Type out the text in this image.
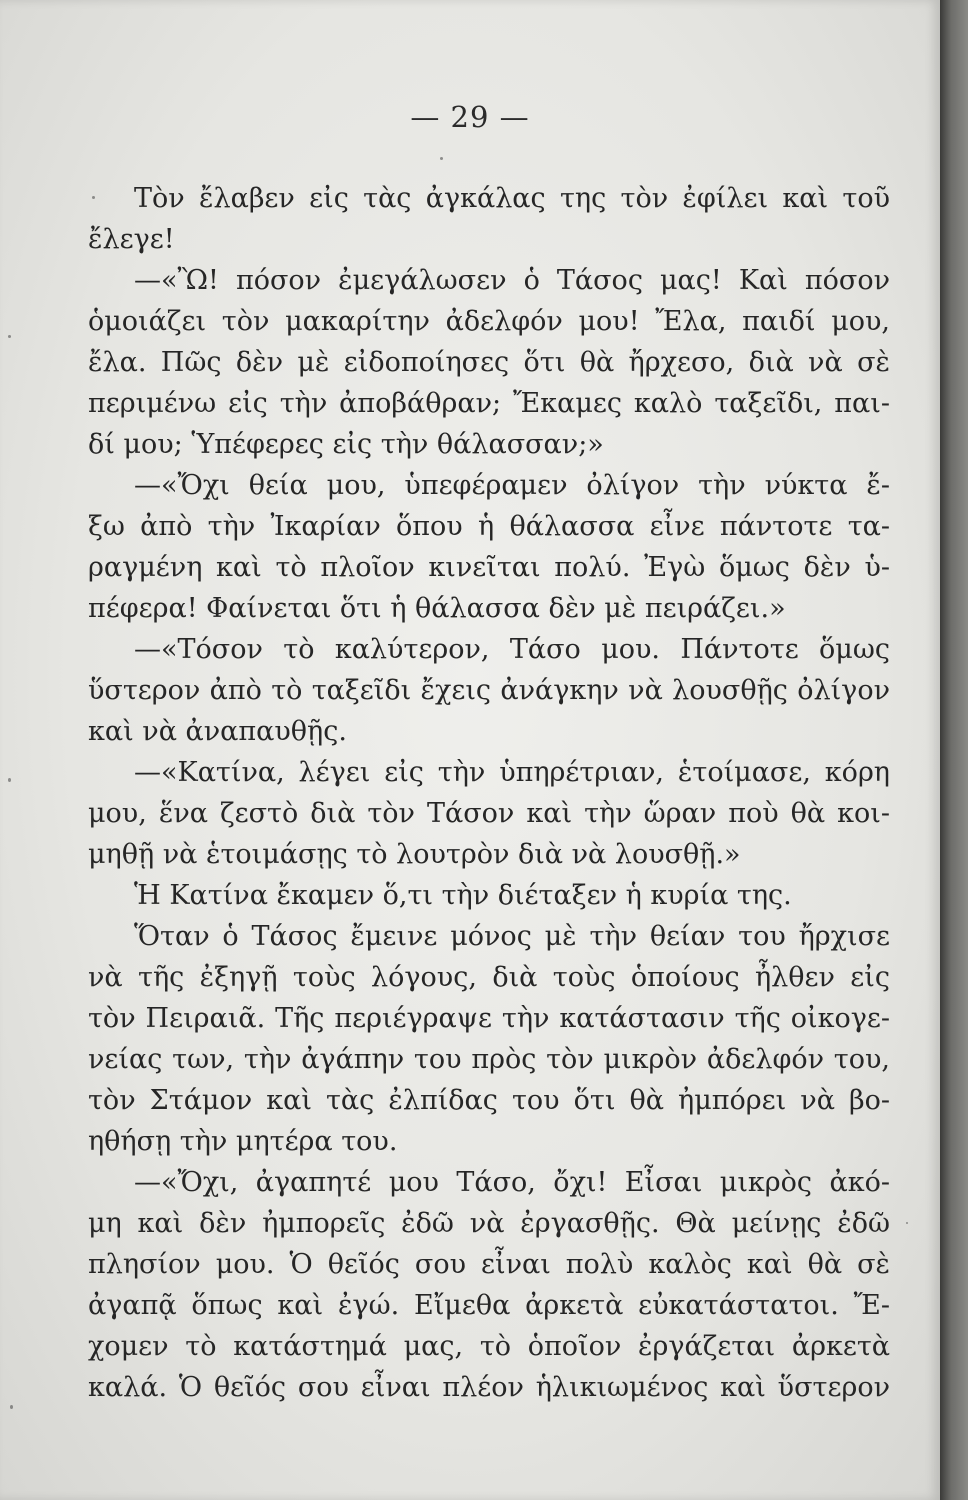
— 29 —
Τὸν ἔλαβεν εἰς τὰς ἀγκάλας της τὸν ἐφίλει καὶ τοῦ
ἔλεγε!
—«Ὢ! πόσον ἐμεγάλωσεν ὁ Τάσος μας! Καὶ πόσον
ὁμοιάζει τὸν μακαρίτην ἀδελφόν μου! Ἔλα, παιδί μου,
ἔλα. Πῶς δὲν μὲ εἰδοποίησες ὅτι θὰ ἤρχεσο, διὰ νὰ σὲ
περιμένω εἰς τὴν ἀποβάθραν; Ἔκαμες καλὸ ταξεῖδι, παι-
δί μου; Ὑπέφερες εἰς τὴν θάλασσαν;»
—«Ὄχι θεία μου, ὑπεφέραμεν ὀλίγον τὴν νύκτα ἔ-
ξω ἀπὸ τὴν Ἰκαρίαν ὅπου ἡ θάλασσα εἶνε πάντοτε τα-
ραγμένη καὶ τὸ πλοῖον κινεῖται πολύ. Ἐγὼ ὅμως δὲν ὑ-
πέφερα! Φαίνεται ὅτι ἡ θάλασσα δὲν μὲ πειράζει.»
—«Τόσον τὸ καλύτερον, Τάσο μου. Πάντοτε ὅμως
ὕστερον ἀπὸ τὸ ταξεῖδι ἔχεις ἀνάγκην νὰ λουσθῇς ὀλίγον
καὶ νὰ ἀναπαυθῇς.
—«Κατίνα, λέγει εἰς τὴν ὑπηρέτριαν, ἑτοίμασε, κόρη
μου, ἕνα ζεστὸ διὰ τὸν Τάσον καὶ τὴν ὥραν ποὺ θὰ κοι-
μηθῇ νὰ ἑτοιμάσῃς τὸ λουτρὸν διὰ νὰ λουσθῇ.»
Ἡ Κατίνα ἔκαμεν ὅ,τι τὴν διέταξεν ἡ κυρία της.
Ὅταν ὁ Τάσος ἔμεινε μόνος μὲ τὴν θείαν του ἤρχισε
νὰ τῆς ἐξηγῇ τοὺς λόγους, διὰ τοὺς ὁποίους ἦλθεν εἰς
τὸν Πειραιᾶ. Τῆς περιέγραψε τὴν κατάστασιν τῆς οἰκογε-
νείας των, τὴν ἀγάπην του πρὸς τὸν μικρὸν ἀδελφόν του,
τὸν Στάμον καὶ τὰς ἐλπίδας του ὅτι θὰ ἠμπόρει νὰ βο-
ηθήσῃ τὴν μητέρα του.
—«Ὄχι, ἀγαπητέ μου Τάσο, ὄχι! Εἶσαι μικρὸς ἀκό-
μη καὶ δὲν ἠμπορεῖς ἐδῶ νὰ ἐργασθῇς. Θὰ μείνῃς ἐδῶ
πλησίον μου. Ὁ θεῖός σου εἶναι πολὺ καλὸς καὶ θὰ σὲ
ἀγαπᾷ ὅπως καὶ ἐγώ. Εἴμεθα ἀρκετὰ εὐκατάστατοι. Ἔ-
χομεν τὸ κατάστημά μας, τὸ ὁποῖον ἐργάζεται ἀρκετὰ
καλά. Ὁ θεῖός σου εἶναι πλέον ἡλικιωμένος καὶ ὕστερον
